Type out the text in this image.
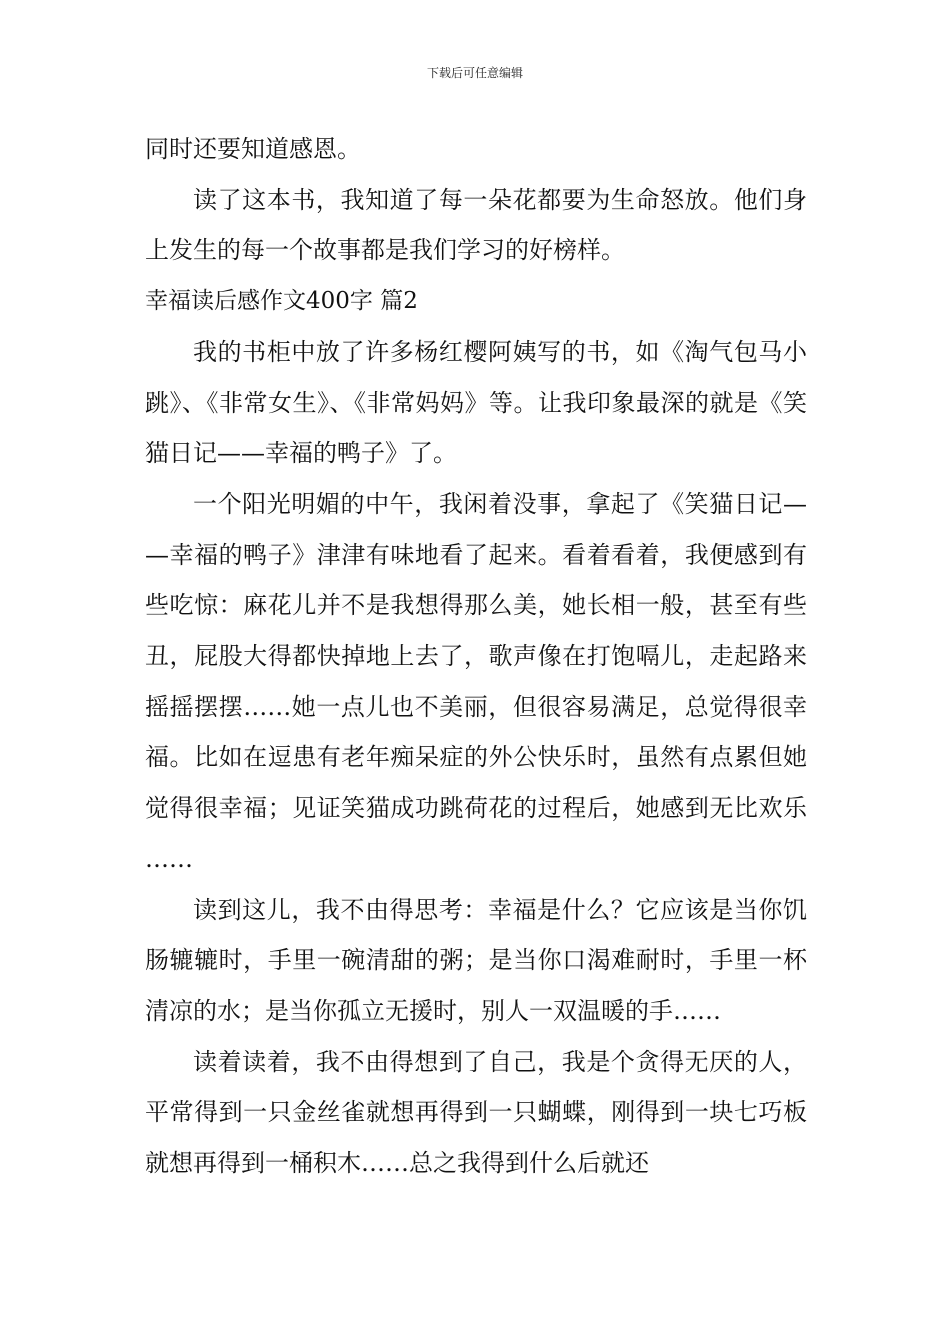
下载后可任意编辑

同时还要知道感恩。

读了这本书，我知道了每一朵花都要为生命怒放。他们身上发生的每一个故事都是我们学习的好榜样。

幸福读后感作文400字 篇2

我的书柜中放了许多杨红樱阿姨写的书，如《淘气包马小跳》、《非常女生》、《非常妈妈》等。让我印象最深的就是《笑猫日记——幸福的鸭子》了。

一个阳光明媚的中午，我闲着没事，拿起了《笑猫日记——幸福的鸭子》津津有味地看了起来。看着看着，我便感到有些吃惊：麻花儿并不是我想得那么美，她长相一般，甚至有些丑，屁股大得都快掉地上去了，歌声像在打饱嗝儿，走起路来摇摇摆摆……她一点儿也不美丽，但很容易满足，总觉得很幸福。比如在逗患有老年痴呆症的外公快乐时，虽然有点累但她觉得很幸福；见证笑猫成功跳荷花的过程后，她感到无比欢乐……

读到这儿，我不由得思考：幸福是什么？它应该是当你饥肠辘辘时，手里一碗清甜的粥；是当你口渴难耐时，手里一杯清凉的水；是当你孤立无援时，别人一双温暖的手……

读着读着，我不由得想到了自己，我是个贪得无厌的人，平常得到一只金丝雀就想再得到一只蝴蝶，刚得到一块七巧板就想再得到一桶积木……总之我得到什么后就还
